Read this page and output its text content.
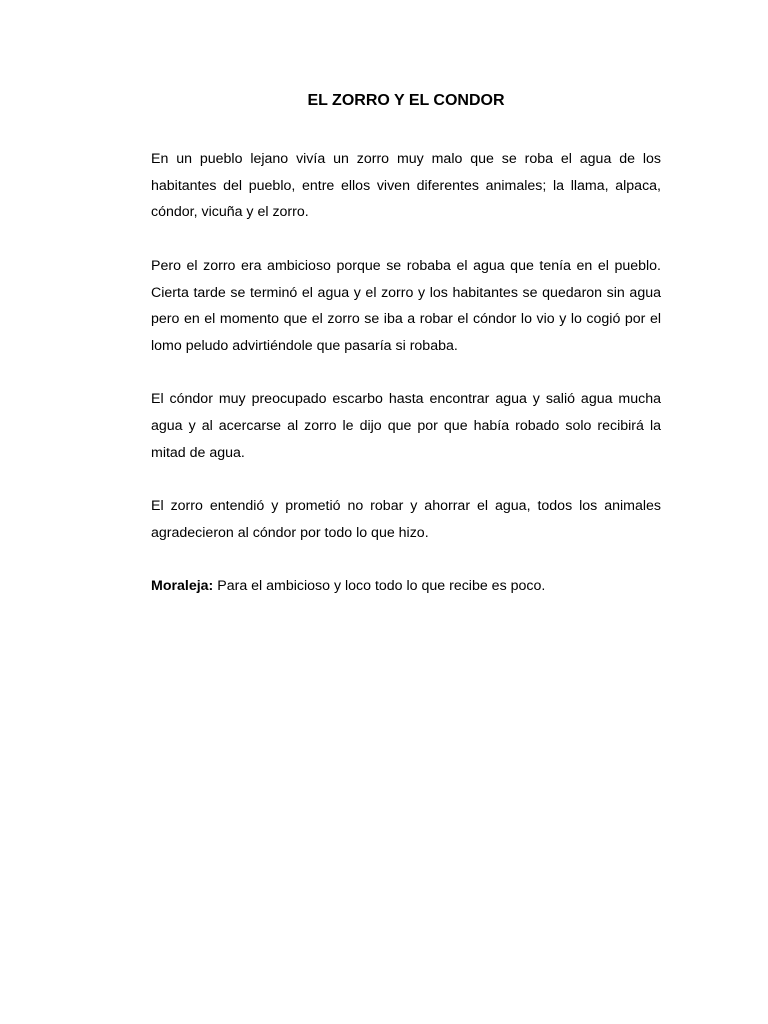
EL ZORRO Y EL CONDOR

En un pueblo lejano vivía un zorro muy malo que se roba el agua de los habitantes del pueblo, entre ellos viven diferentes animales; la llama, alpaca, cóndor, vicuña y el zorro.

Pero el zorro era ambicioso porque se robaba el agua que tenía en el pueblo. Cierta tarde se terminó el agua y el zorro y los habitantes se quedaron sin agua pero en el momento que el zorro se iba a robar el cóndor lo vio y lo cogió por el lomo peludo advirtiéndole que pasaría si robaba.

El cóndor muy preocupado escarbo hasta encontrar agua y salió agua mucha agua y al acercarse al zorro le dijo que por que había robado solo recibirá la mitad de agua.

El zorro entendió y prometió no robar y ahorrar el agua, todos los animales agradecieron al cóndor por todo lo que hizo.

Moraleja: Para el ambicioso y loco todo lo que recibe es poco.
